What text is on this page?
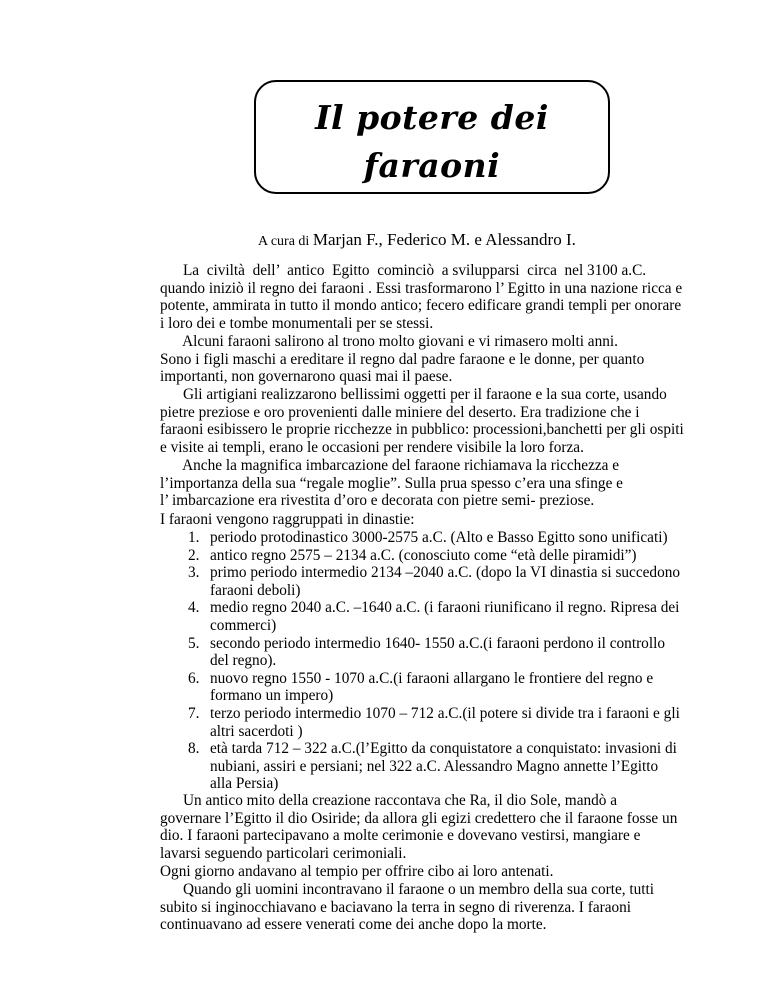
Il potere dei
faraoni
A cura di Marjan F., Federico M. e Alessandro I.
La  civiltà  dell’  antico  Egitto  cominciò  a svilupparsi  circa  nel 3100 a.C.
quando iniziò il regno dei faraoni . Essi trasformarono l’ Egitto in una nazione ricca e
potente, ammirata in tutto il mondo antico; fecero edificare grandi templi per onorare
i loro dei e tombe monumentali per se stessi.
Alcuni faraoni salirono al trono molto giovani e vi rimasero molti anni.
Sono i figli maschi a ereditare il regno dal padre faraone e le donne, per quanto
importanti, non governarono quasi mai il paese.
Gli artigiani realizzarono bellissimi oggetti per il faraone e la sua corte, usando
pietre preziose e oro provenienti dalle miniere del deserto. Era tradizione che i
faraoni esibissero le proprie ricchezze in pubblico: processioni,banchetti per gli ospiti
e visite ai templi, erano le occasioni per rendere visibile la loro forza.
Anche la magnifica imbarcazione del faraone richiamava la ricchezza e
l’importanza della sua “regale moglie”. Sulla prua spesso c’era una sfinge e
l’ imbarcazione era rivestita d’oro e decorata con pietre semi- preziose.
I faraoni vengono raggruppati in dinastie:
1. periodo protodinastico 3000-2575 a.C. (Alto e Basso Egitto sono unificati)
2. antico regno 2575 – 2134 a.C. (conosciuto come “età delle piramidi”)
3. primo periodo intermedio 2134 –2040 a.C. (dopo la VI dinastia si succedono
faraoni deboli)
4. medio regno 2040 a.C. –1640 a.C. (i faraoni riunificano il regno. Ripresa dei
commerci)
5. secondo periodo intermedio 1640- 1550 a.C.(i faraoni perdono il controllo
del regno).
6. nuovo regno 1550 - 1070 a.C.(i faraoni allargano le frontiere del regno e
formano un impero)
7. terzo periodo intermedio 1070 – 712 a.C.(il potere si divide tra i faraoni e gli
altri sacerdoti )
8. età tarda 712 – 322 a.C.(l’Egitto da conquistatore a conquistato: invasioni di
nubiani, assiri e persiani; nel 322 a.C. Alessandro Magno annette l’Egitto
alla Persia)
Un antico mito della creazione raccontava che Ra, il dio Sole, mandò a
governare l’Egitto il dio Osiride; da allora gli egizi credettero che il faraone fosse un
dio. I faraoni partecipavano a molte cerimonie e dovevano vestirsi, mangiare e
lavarsi seguendo particolari cerimoniali.
Ogni giorno andavano al tempio per offrire cibo ai loro antenati.
Quando gli uomini incontravano il faraone o un membro della sua corte, tutti
subito si inginocchiavano e baciavano la terra in segno di riverenza. I faraoni
continuavano ad essere venerati come dei anche dopo la morte.
